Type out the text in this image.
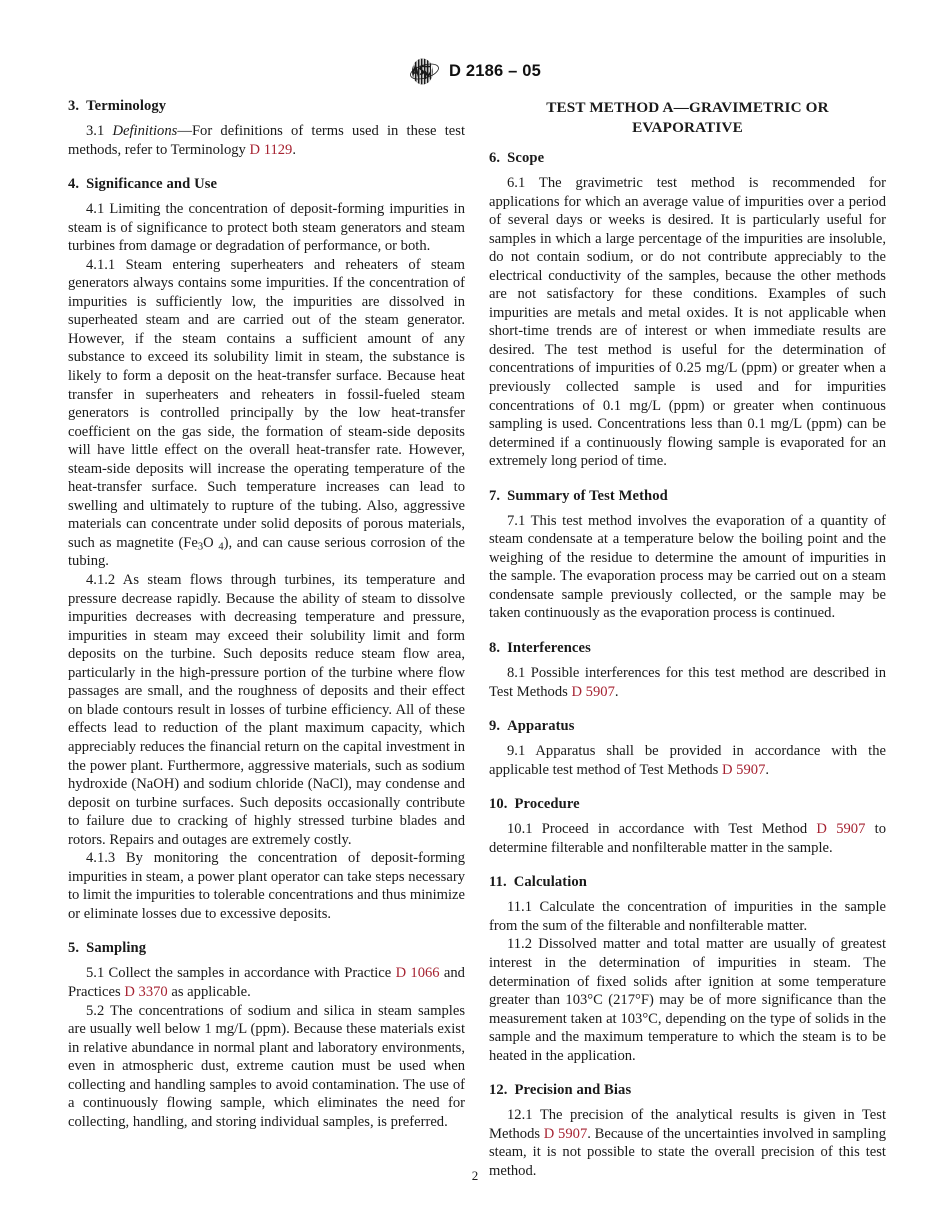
D 2186 – 05
3. Terminology

3.1 Definitions—For definitions of terms used in these test methods, refer to Terminology D 1129.

4. Significance and Use

4.1 Limiting the concentration of deposit-forming impurities in steam is of significance to protect both steam generators and steam turbines from damage or degradation of performance, or both.

4.1.1 Steam entering superheaters and reheaters of steam generators always contains some impurities. If the concentration of impurities is sufficiently low, the impurities are dissolved in superheated steam and are carried out of the steam generator. However, if the steam contains a sufficient amount of any substance to exceed its solubility limit in steam, the substance is likely to form a deposit on the heat-transfer surface. Because heat transfer in superheaters and reheaters in fossil-fueled steam generators is controlled principally by the low heat-transfer coefficient on the gas side, the formation of steam-side deposits will have little effect on the overall heat-transfer rate. However, steam-side deposits will increase the operating temperature of the heat-transfer surface. Such temperature increases can lead to swelling and ultimately to rupture of the tubing. Also, aggressive materials can concentrate under solid deposits of porous materials, such as magnetite ($Fe_3O$ $_4$), and can cause serious corrosion of the tubing.

4.1.2 As steam flows through turbines, its temperature and pressure decrease rapidly. Because the ability of steam to dissolve impurities decreases with decreasing temperature and pressure, impurities in steam may exceed their solubility limit and form deposits on the turbine. Such deposits reduce steam flow area, particularly in the high-pressure portion of the turbine where flow passages are small, and the roughness of deposits and their effect on blade contours result in losses of turbine efficiency. All of these effects lead to reduction of the plant maximum capacity, which appreciably reduces the financial return on the capital investment in the power plant. Furthermore, aggressive materials, such as sodium hydroxide (NaOH) and sodium chloride (NaCl), may condense and deposit on turbine surfaces. Such deposits occasionally contribute to failure due to cracking of highly stressed turbine blades and rotors. Repairs and outages are extremely costly.

4.1.3 By monitoring the concentration of deposit-forming impurities in steam, a power plant operator can take steps necessary to limit the impurities to tolerable concentrations and thus minimize or eliminate losses due to excessive deposits.

5. Sampling

5.1 Collect the samples in accordance with Practice D 1066 and Practices D 3370 as applicable.

5.2 The concentrations of sodium and silica in steam samples are usually well below 1 mg/L (ppm). Because these materials exist in relative abundance in normal plant and laboratory environments, even in atmospheric dust, extreme caution must be used when collecting and handling samples to avoid contamination. The use of a continuously flowing sample, which eliminates the need for collecting, handling, and storing individual samples, is preferred.

TEST METHOD A—GRAVIMETRIC OR
EVAPORATIVE
6. Scope

6.1 The gravimetric test method is recommended for applications for which an average value of impurities over a period of several days or weeks is desired. It is particularly useful for samples in which a large percentage of the impurities are insoluble, do not contain sodium, or do not contribute appreciably to the electrical conductivity of the samples, because the other methods are not satisfactory for these conditions. Examples of such impurities are metals and metal oxides. It is not applicable when short-time trends are of interest or when immediate results are desired. The test method is useful for the determination of concentrations of impurities of 0.25 mg/L (ppm) or greater when a previously collected sample is used and for impurities concentrations of 0.1 mg/L (ppm) or greater when continuous sampling is used. Concentrations less than 0.1 mg/L (ppm) can be determined if a continuously flowing sample is evaporated for an extremely long period of time.

7. Summary of Test Method

7.1 This test method involves the evaporation of a quantity of steam condensate at a temperature below the boiling point and the weighing of the residue to determine the amount of impurities in the sample. The evaporation process may be carried out on a steam condensate sample previously collected, or the sample may be taken continuously as the evaporation process is continued.

8. Interferences

8.1 Possible interferences for this test method are described in Test Methods D 5907.

9. Apparatus

9.1 Apparatus shall be provided in accordance with the applicable test method of Test Methods D 5907.

10. Procedure

10.1 Proceed in accordance with Test Method D 5907 to determine filterable and nonfilterable matter in the sample.

11. Calculation

11.1 Calculate the concentration of impurities in the sample from the sum of the filterable and nonfilterable matter.

11.2 Dissolved matter and total matter are usually of greatest interest in the determination of impurities in steam. The determination of fixed solids after ignition at some temperature greater than 103°C (217°F) may be of more significance than the measurement taken at 103°C, depending on the type of solids in the sample and the maximum temperature to which the steam is to be heated in the application.

12. Precision and Bias

12.1 The precision of the analytical results is given in Test Methods D 5907. Because of the uncertainties involved in sampling steam, it is not possible to state the overall precision of this test method.

2
